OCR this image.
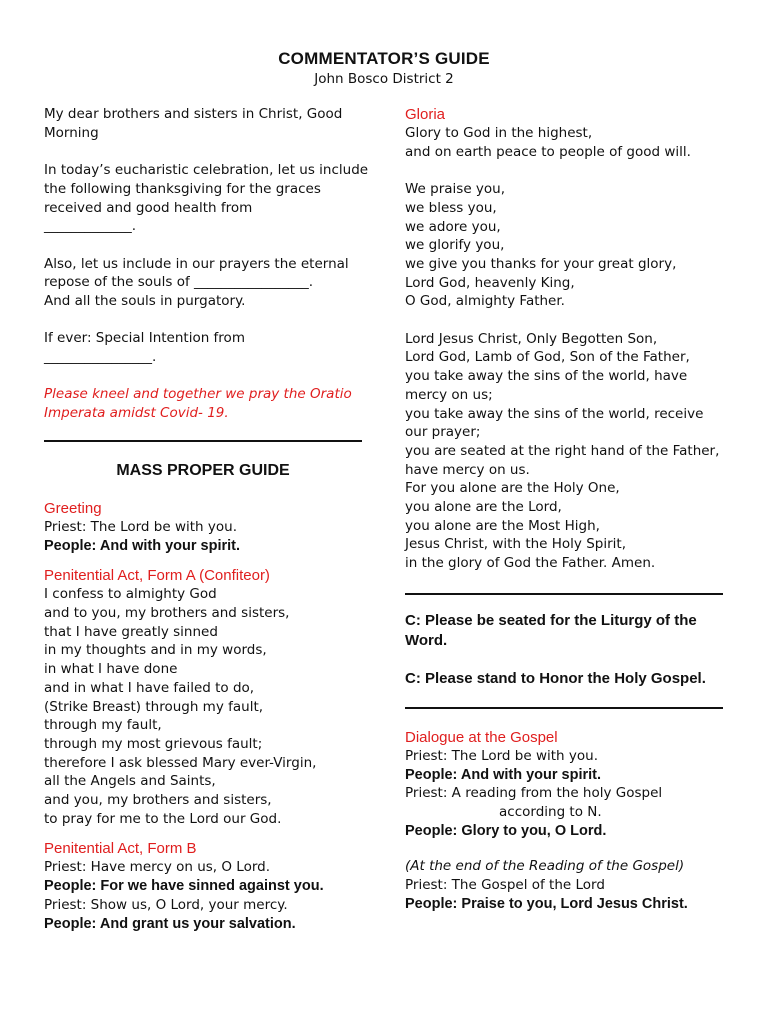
COMMENTATOR’S GUIDE
John Bosco District 2
My dear brothers and sisters in Christ, Good
Morning
In today’s eucharistic celebration, let us include
the following thanksgiving for the graces
received and good health from
_____________.
Also, let us include in our prayers the eternal
repose of the souls of _________________.
And all the souls in purgatory.
If ever: Special Intention from
________________.
Please kneel and together we pray the Oratio
Imperata amidst Covid- 19.
MASS PROPER GUIDE
Greeting
Priest: The Lord be with you.
People: And with your spirit.
Penitential Act, Form A (Confiteor)
I confess to almighty God
and to you, my brothers and sisters,
that I have greatly sinned
in my thoughts and in my words,
in what I have done
and in what I have failed to do,
(Strike Breast) through my fault,
through my fault,
through my most grievous fault;
therefore I ask blessed Mary ever-Virgin,
all the Angels and Saints,
and you, my brothers and sisters,
to pray for me to the Lord our God.
Penitential Act, Form B
Priest: Have mercy on us, O Lord.
People: For we have sinned against you.
Priest: Show us, O Lord, your mercy.
People: And grant us your salvation.
Gloria
Glory to God in the highest,
and on earth peace to people of good will.
We praise you,
we bless you,
we adore you,
we glorify you,
we give you thanks for your great glory,
Lord God, heavenly King,
O God, almighty Father.
Lord Jesus Christ, Only Begotten Son,
Lord God, Lamb of God, Son of the Father,
you take away the sins of the world, have
mercy on us;
you take away the sins of the world, receive
our prayer;
you are seated at the right hand of the Father,
have mercy on us.
For you alone are the Holy One,
you alone are the Lord,
you alone are the Most High,
Jesus Christ, with the Holy Spirit,
in the glory of God the Father. Amen.
C: Please be seated for the Liturgy of the
Word.
C: Please stand to Honor the Holy Gospel.
Dialogue at the Gospel
Priest: The Lord be with you.
People: And with your spirit.
Priest: A reading from the holy Gospel
according to N.
People: Glory to you, O Lord.
(At the end of the Reading of the Gospel)
Priest: The Gospel of the Lord
People: Praise to you, Lord Jesus Christ.
